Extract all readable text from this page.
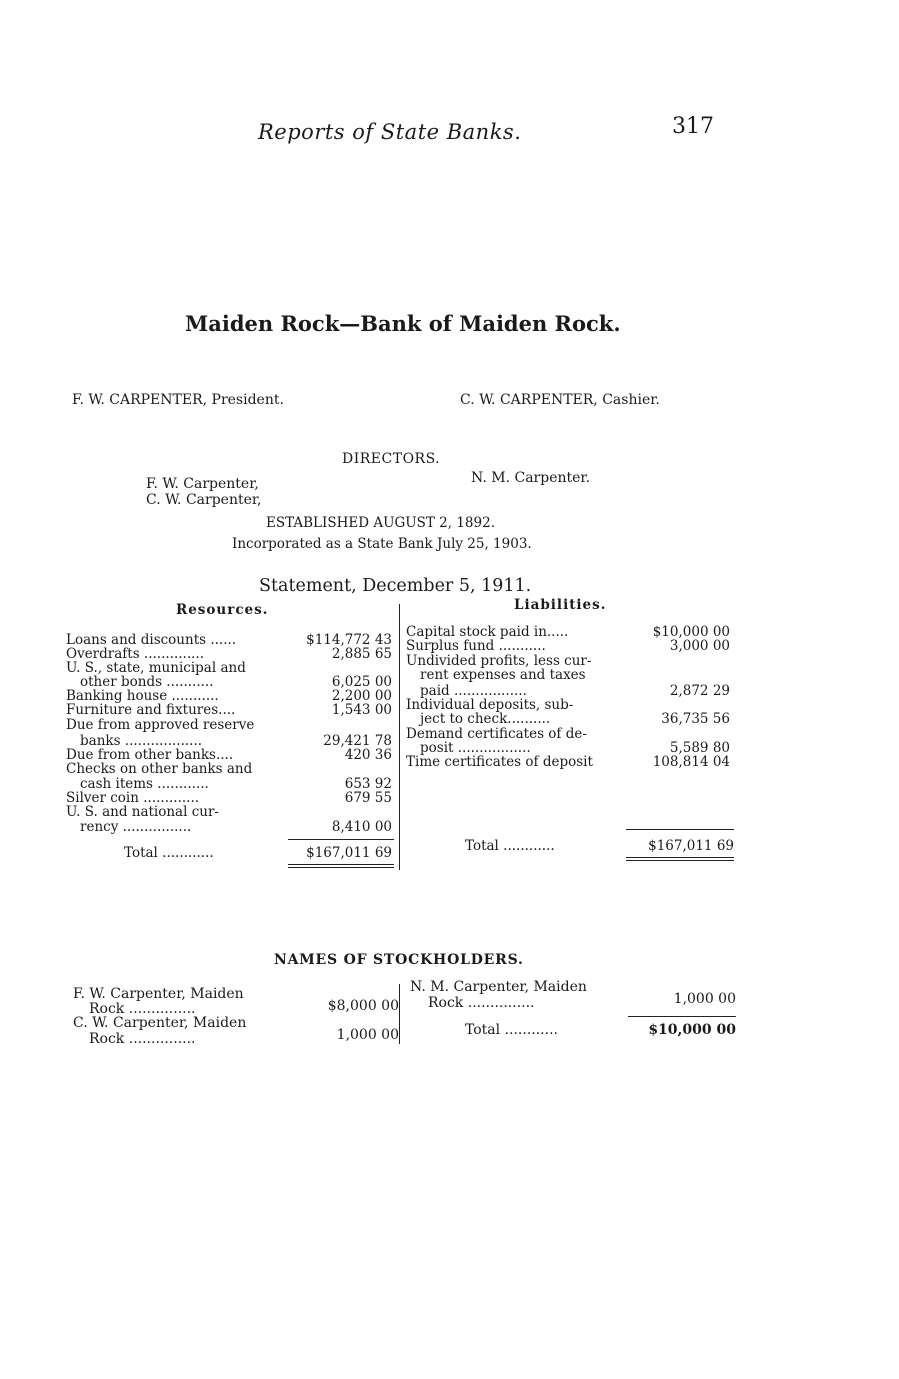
Reports of State Banks.	317
Maiden Rock—Bank of Maiden Rock.
F. W. CARPENTER, President.	C. W. CARPENTER, Cashier.
DIRECTORS.
F. W. Carpenter,
C. W. Carpenter,
N. M. Carpenter.
ESTABLISHED AUGUST 2, 1892.
Incorporated as a State Bank July 25, 1903.
Statement, December 5, 1911.
Resources.	Liabilities.
Loans and discounts ......	$114,772 43
Overdrafts ..............	2,885 65
U. S., state, municipal and
other bonds ...........	6,025 00
Banking house ...........	2,200 00
Furniture and fixtures....	1,543 00
Due from approved reserve
banks ..................	29,421 78
Due from other banks....	420 36
Checks on other banks and
cash items ............	653 92
Silver coin .............	679 55
U. S. and national cur-
rency ................	8,410 00
Total ............	$167,011 69
Capital stock paid in.....	$10,000 00
Surplus fund ...........	3,000 00
Undivided profits, less cur-
rent expenses and taxes
paid .................	2,872 29
Individual deposits, sub-
ject to check..........	36,735 56
Demand certificates of de-
posit .................	5,589 80
Time certificates of deposit	108,814 04
Total ............	$167,011 69
NAMES OF STOCKHOLDERS.
F. W. Carpenter, Maiden
Rock ...............	$8,000 00
C. W. Carpenter, Maiden
Rock ...............	1,000 00
N. M. Carpenter, Maiden
Rock ...............	1,000 00
Total ............	$10,000 00
